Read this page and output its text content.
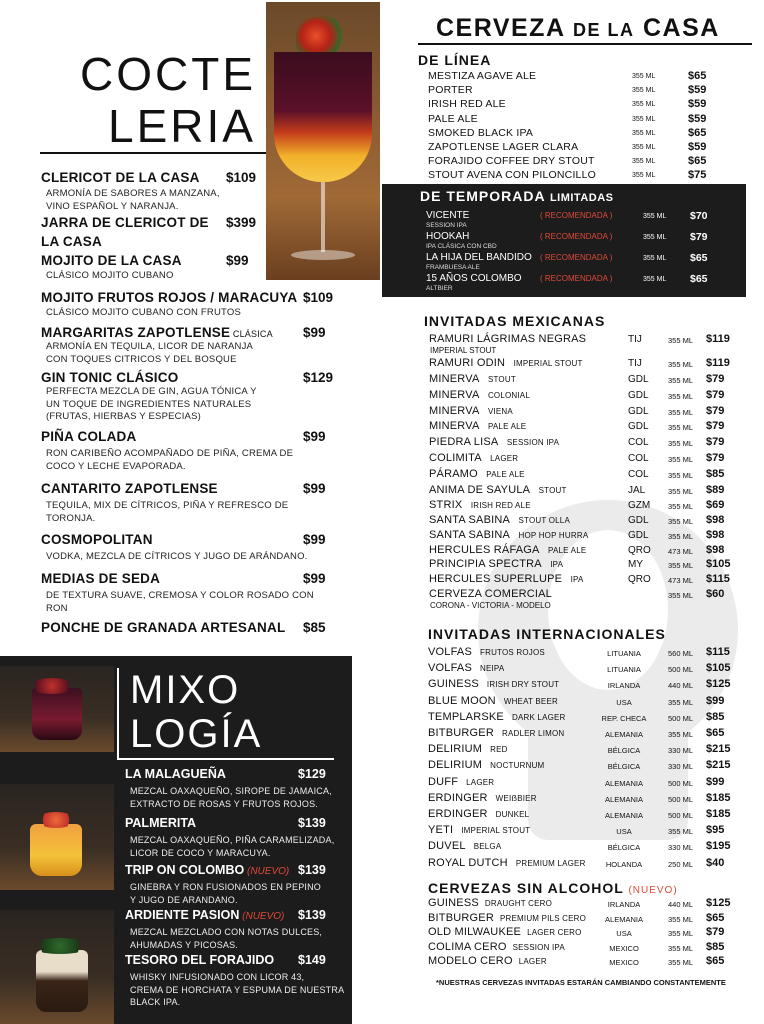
COCTE
LERIA
CLERICOT DE LA CASA $109
ARMONÍA DE SABORES A MANZANA,
VINO ESPAÑOL Y NARANJA.
JARRA DE CLERICOT DE
LA CASA
$399
MOJITO DE LA CASA	$99
CLÁSICO MOJITO CUBANO
MOJITO FRUTOS ROJOS / MARACUYA $109
CLÁSICO MOJITO CUBANO CON FRUTOS
MARGARITAS ZAPOTLENSE CLÁSICA $99
ARMONÍA EN TEQUILA, LICOR DE NARANJA
CON TOQUES CITRICOS Y DEL BOSQUE
GIN TONIC CLÁSICO	$129
PERFECTA MEZCLA DE GIN, AGUA TÓNICA Y
UN TOQUE DE INGREDIENTES NATURALES
(FRUTAS, HIERBAS Y ESPECIAS)
PIÑA COLADA	$99
RON CARIBEÑO ACOMPAÑADO DE PIÑA, CREMA DE
COCO Y LECHE EVAPORADA.
CANTARITO ZAPOTLENSE	$99
TEQUILA, MIX DE CÍTRICOS, PIÑA Y REFRESCO DE
TORONJA.
COSMOPOLITAN	$99
VODKA, MEZCLA DE CÍTRICOS Y JUGO DE ARÁNDANO.
MEDIAS DE SEDA	$99
DE TEXTURA SUAVE, CREMOSA Y COLOR ROSADO CON
RON
PONCHE DE GRANADA ARTESANAL $85
MIXO
LOGÍA
LA MALAGUEÑA	$129
MEZCAL OAXAQUEÑO, SIROPE DE JAMAICA,
EXTRACTO DE ROSAS Y FRUTOS ROJOS.
PALMERITA	$139
MEZCAL OAXAQUEÑO, PIÑA CARAMELIZADA,
LICOR DE COCO Y MARACUYA.
TRIP ON COLOMBO (NUEVO) $139
GINEBRA Y RON FUSIONADOS EN PEPINO
Y JUGO DE ARANDANO.
ARDIENTE PASION (NUEVO) $139
MEZCAL MEZCLADO CON NOTAS DULCES,
AHUMADAS Y PICOSAS.
TESORO DEL FORAJIDO $149
WHISKY INFUSIONADO CON LICOR 43,
CREMA DE HORCHATA Y ESPUMA DE NUESTRA
BLACK IPA.
CERVEZA DE LA CASA
DE LÍNEA
MESTIZA AGAVE ALE	355 ML	$65
PORTER	355 ML	$59
IRISH RED ALE	355 ML	$59
PALE ALE	355 ML	$59
SMOKED BLACK IPA	355 ML	$65
ZAPOTLENSE LAGER CLARA	355 ML	$59
FORAJIDO COFFEE DRY STOUT	355 ML	$65
STOUT AVENA CON PILONCILLO	355 ML	$75
DE TEMPORADA LIMITADAS
VICENTE
SESSION IPA
( RECOMENDADA )	355 ML $70
HOOKAH
IPA CLÁSICA CON CBD
( RECOMENDADA )	355 ML $79
LA HIJA DEL BANDIDO
FRAMBUESA ALE
( RECOMENDADA )	355 ML $65
15 AÑOS COLOMBO
ALTBIER
( RECOMENDADA )	355 ML $65
INVITADAS MEXICANAS
RAMURI LÁGRIMAS NEGRAS
IMPERIAL STOUT
TIJ	355 ML $119
RAMURI ODIN IMPERIAL STOUT	TIJ	355 ML $119
MINERVA STOUT	GDL	355 ML $79
MINERVA COLONIAL	GDL	355 ML $79
MINERVA VIENA	GDL	355 ML $79
MINERVA PALE ALE	GDL	355 ML $79
PIEDRA LISA SESSION IPA	COL	355 ML $79
COLIMITA LAGER	COL	355 ML $79
PÁRAMO PALE ALE	COL	355 ML $85
ANIMA DE SAYULA STOUT	JAL	355 ML $89
STRIX IRISH RED ALE	GZM 355 ML $69
SANTA SABINA STOUT OLLA	GDL	355 ML $98
SANTA SABINA HOP HOP HURRA	GDL	355 ML $98
HERCULES RÁFAGA PALE ALE	QRO 473 ML $98
PRINCIPIA SPECTRA IPA	MY	355 ML $105
HERCULES SUPERLUPE IPA	QRO 473 ML $115
CERVEZA COMERCIAL
CORONA - VICTORIA - MODELO
355 ML $60
INVITADAS INTERNACIONALES
VOLFAS FRUTOS ROJOS	LITUANIA	560 ML $115
VOLFAS NEIPA	LITUANIA	500 ML $105
GUINESS IRISH DRY STOUT	IRLANDA	440 ML $125
BLUE MOON WHEAT BEER	USA	355 ML $99
TEMPLARSKE DARK LAGER	REP. CHECA	500 ML $85
BITBURGER RADLER LIMON	ALEMANIA	355 ML $65
DELIRIUM RED	BÉLGICA	330 ML $215
DELIRIUM NOCTURNUM	BÉLGICA	330 ML $215
DUFF LAGER	ALEMANIA	500 ML $99
ERDINGER WEIẞBIER	ALEMANIA	500 ML $185
ERDINGER DUNKEL	ALEMANIA	500 ML $185
YETI IMPERIAL STOUT	USA	355 ML $95
DUVEL BELGA	BÉLGICA	330 ML $195
ROYAL DUTCH PREMIUM LAGER	HOLANDA	250 ML $40
CERVEZAS SIN ALCOHOL (NUEVO)
GUINESS DRAUGHT CERO	IRLANDA	440 ML $125
BITBURGER PREMIUM PILS CERO	ALEMANIA	355 ML $65
OLD MILWAUKEE LAGER CERO	USA	355 ML $79
COLIMA CERO SESSION IPA	MEXICO	355 ML $85
MODELO CERO LAGER	MEXICO	355 ML $65
*NUESTRAS CERVEZAS INVITADAS ESTARÁN CAMBIANDO CONSTANTEMENTE
